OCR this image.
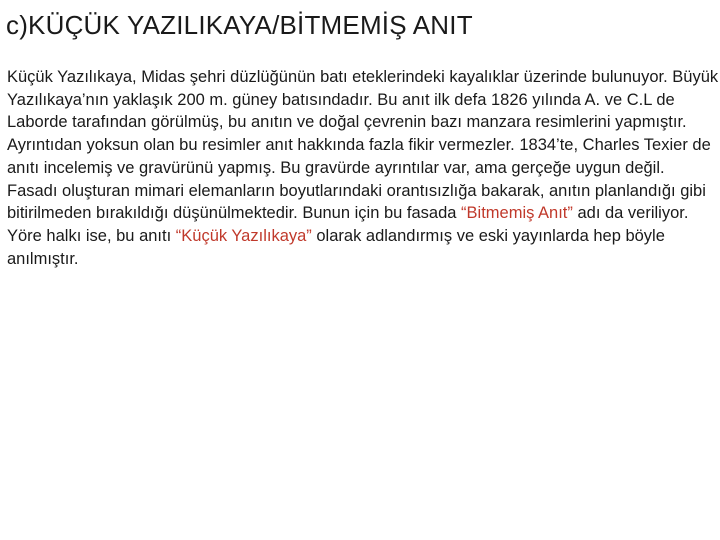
c)KÜÇÜK YAZILIKAYA/BİTMEMİŞ ANIT
Küçük Yazılıkaya, Midas şehri düzlüğünün batı eteklerindeki kayalıklar üzerinde bulunuyor. Büyük Yazılıkaya’nın yaklaşık 200 m. güney batısındadır. Bu anıt ilk defa 1826 yılında A. ve C.L de Laborde tarafından görülmüş, bu anıtın ve doğal çevrenin bazı manzara resimlerini yapmıştır. Ayrıntıdan yoksun olan bu resimler anıt hakkında fazla fikir vermezler. 1834’te, Charles Texier de anıtı incelemiş ve gravürünü yapmış. Bu gravürde ayrıntılar var, ama gerçeğe uygun değil.
Fasadı oluşturan mimari elemanların boyutlarındaki orantısızlığa bakarak, anıtın planlandığı gibi bitirilmeden bırakıldığı düşünülmektedir. Bunun için bu fasada “Bitmemiş Anıt” adı da veriliyor. Yöre halkı ise, bu anıtı “Küçük Yazılıkaya” olarak adlandırmış ve eski yayınlarda hep böyle anılmıştır.
